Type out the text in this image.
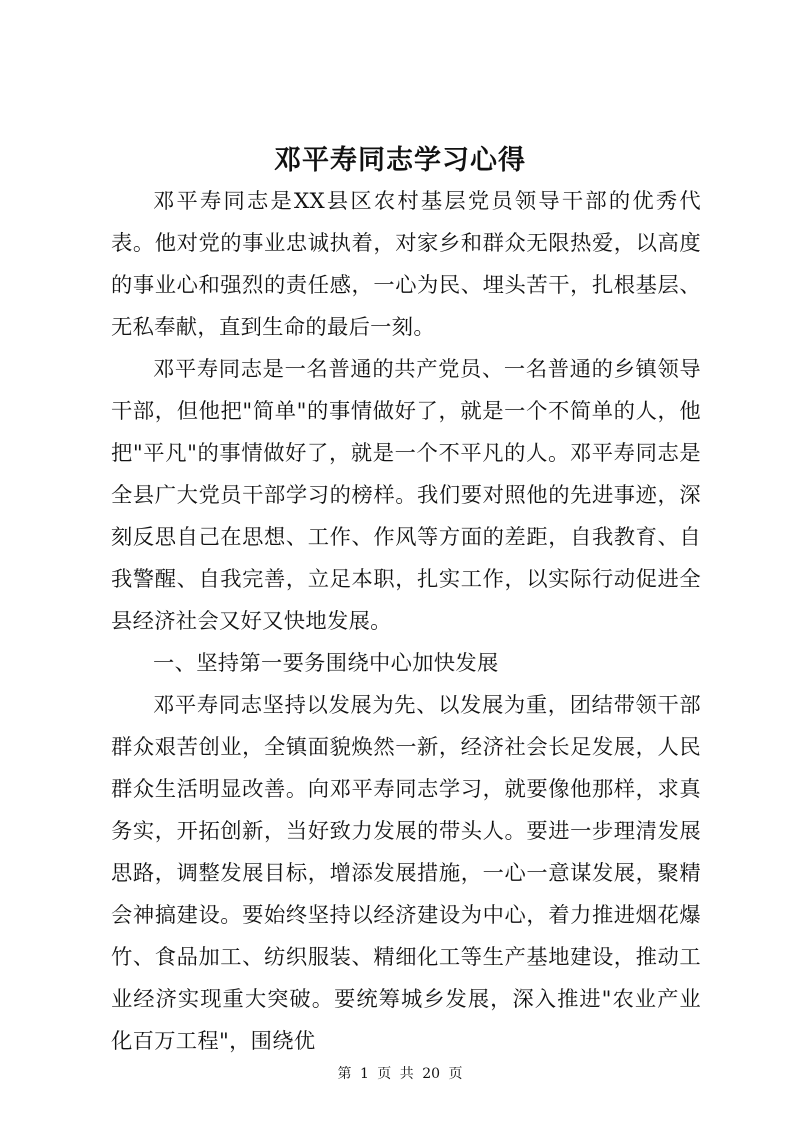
邓平寿同志学习心得

邓平寿同志是XX县区农村基层党员领导干部的优秀代表。他对党的事业忠诚执着，对家乡和群众无限热爱，以高度的事业心和强烈的责任感，一心为民、埋头苦干，扎根基层、无私奉献，直到生命的最后一刻。

邓平寿同志是一名普通的共产党员、一名普通的乡镇领导干部，但他把"简单"的事情做好了，就是一个不简单的人，他把"平凡"的事情做好了，就是一个不平凡的人。邓平寿同志是全县广大党员干部学习的榜样。我们要对照他的先进事迹，深刻反思自己在思想、工作、作风等方面的差距，自我教育、自我警醒、自我完善，立足本职，扎实工作，以实际行动促进全县经济社会又好又快地发展。

一、坚持第一要务围绕中心加快发展

邓平寿同志坚持以发展为先、以发展为重，团结带领干部群众艰苦创业，全镇面貌焕然一新，经济社会长足发展，人民群众生活明显改善。向邓平寿同志学习，就要像他那样，求真务实，开拓创新，当好致力发展的带头人。要进一步理清发展思路，调整发展目标，增添发展措施，一心一意谋发展，聚精会神搞建设。要始终坚持以经济建设为中心，着力推进烟花爆竹、食品加工、纺织服装、精细化工等生产基地建设，推动工业经济实现重大突破。要统筹城乡发展，深入推进"农业产业化百万工程"，围绕优

第 1 页 共 20 页
